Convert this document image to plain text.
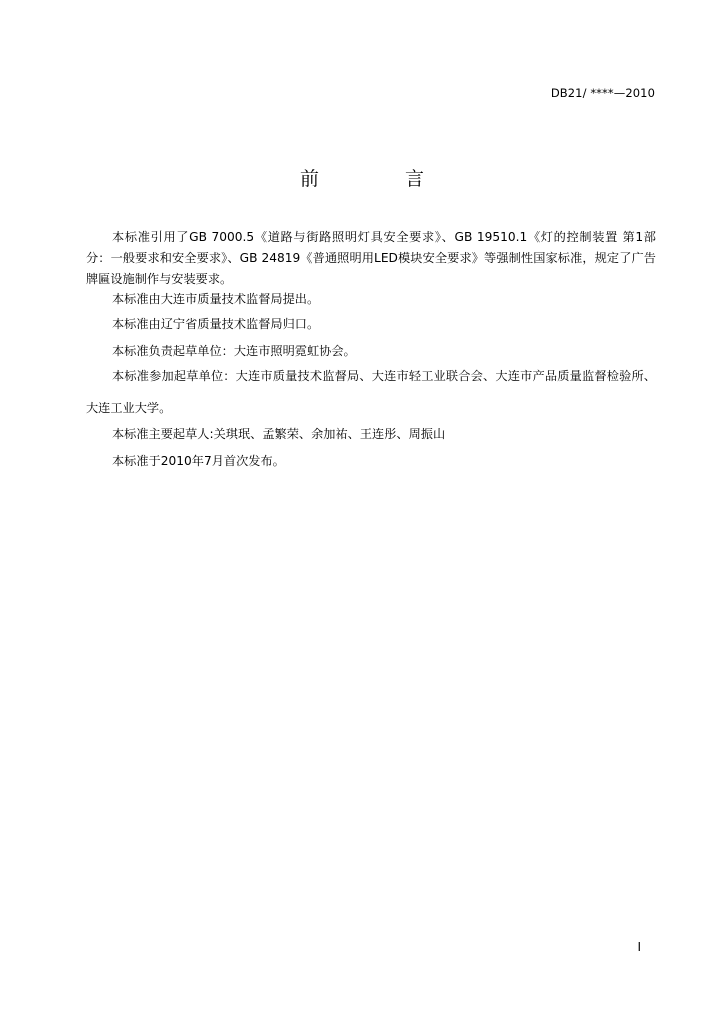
DB21/ ****—2010
前 言

本标准引用了GB 7000.5《道路与街路照明灯具安全要求》、GB 19510.1《灯的控制装置 第1部分：一般要求和安全要求》、GB 24819《普通照明用LED模块安全要求》等强制性国家标准，规定了广告牌匾设施制作与安装要求。

本标准由大连市质量技术监督局提出。

本标准由辽宁省质量技术监督局归口。

本标准负责起草单位：大连市照明霓虹协会。

本标准参加起草单位：大连市质量技术监督局、大连市轻工业联合会、大连市产品质量监督检验所、大连工业大学。

本标准主要起草人:关琪珉、孟繁荣、余加祐、王连彤、周振山

本标准于2010年7月首次发布。

I
